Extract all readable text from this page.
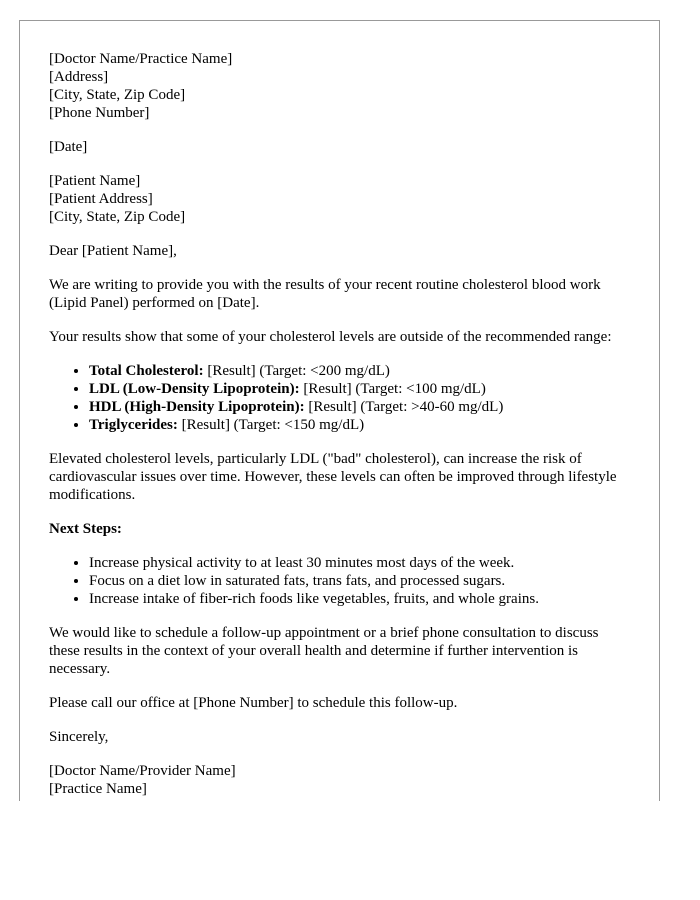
[Doctor Name/Practice Name]
[Address]
[City, State, Zip Code]
[Phone Number]

[Date]

[Patient Name]
[Patient Address]
[City, State, Zip Code]

Dear [Patient Name],

We are writing to provide you with the results of your recent routine cholesterol blood work (Lipid Panel) performed on [Date].

Your results show that some of your cholesterol levels are outside of the recommended range:

• Total Cholesterol: [Result] (Target: <200 mg/dL)
• LDL (Low-Density Lipoprotein): [Result] (Target: <100 mg/dL)
• HDL (High-Density Lipoprotein): [Result] (Target: >40-60 mg/dL)
• Triglycerides: [Result] (Target: <150 mg/dL)

Elevated cholesterol levels, particularly LDL ("bad" cholesterol), can increase the risk of cardiovascular issues over time. However, these levels can often be improved through lifestyle modifications.

Next Steps:

• Increase physical activity to at least 30 minutes most days of the week.
• Focus on a diet low in saturated fats, trans fats, and processed sugars.
• Increase intake of fiber-rich foods like vegetables, fruits, and whole grains.

We would like to schedule a follow-up appointment or a brief phone consultation to discuss these results in the context of your overall health and determine if further intervention is necessary.

Please call our office at [Phone Number] to schedule this follow-up.

Sincerely,

[Doctor Name/Provider Name]
[Practice Name]
